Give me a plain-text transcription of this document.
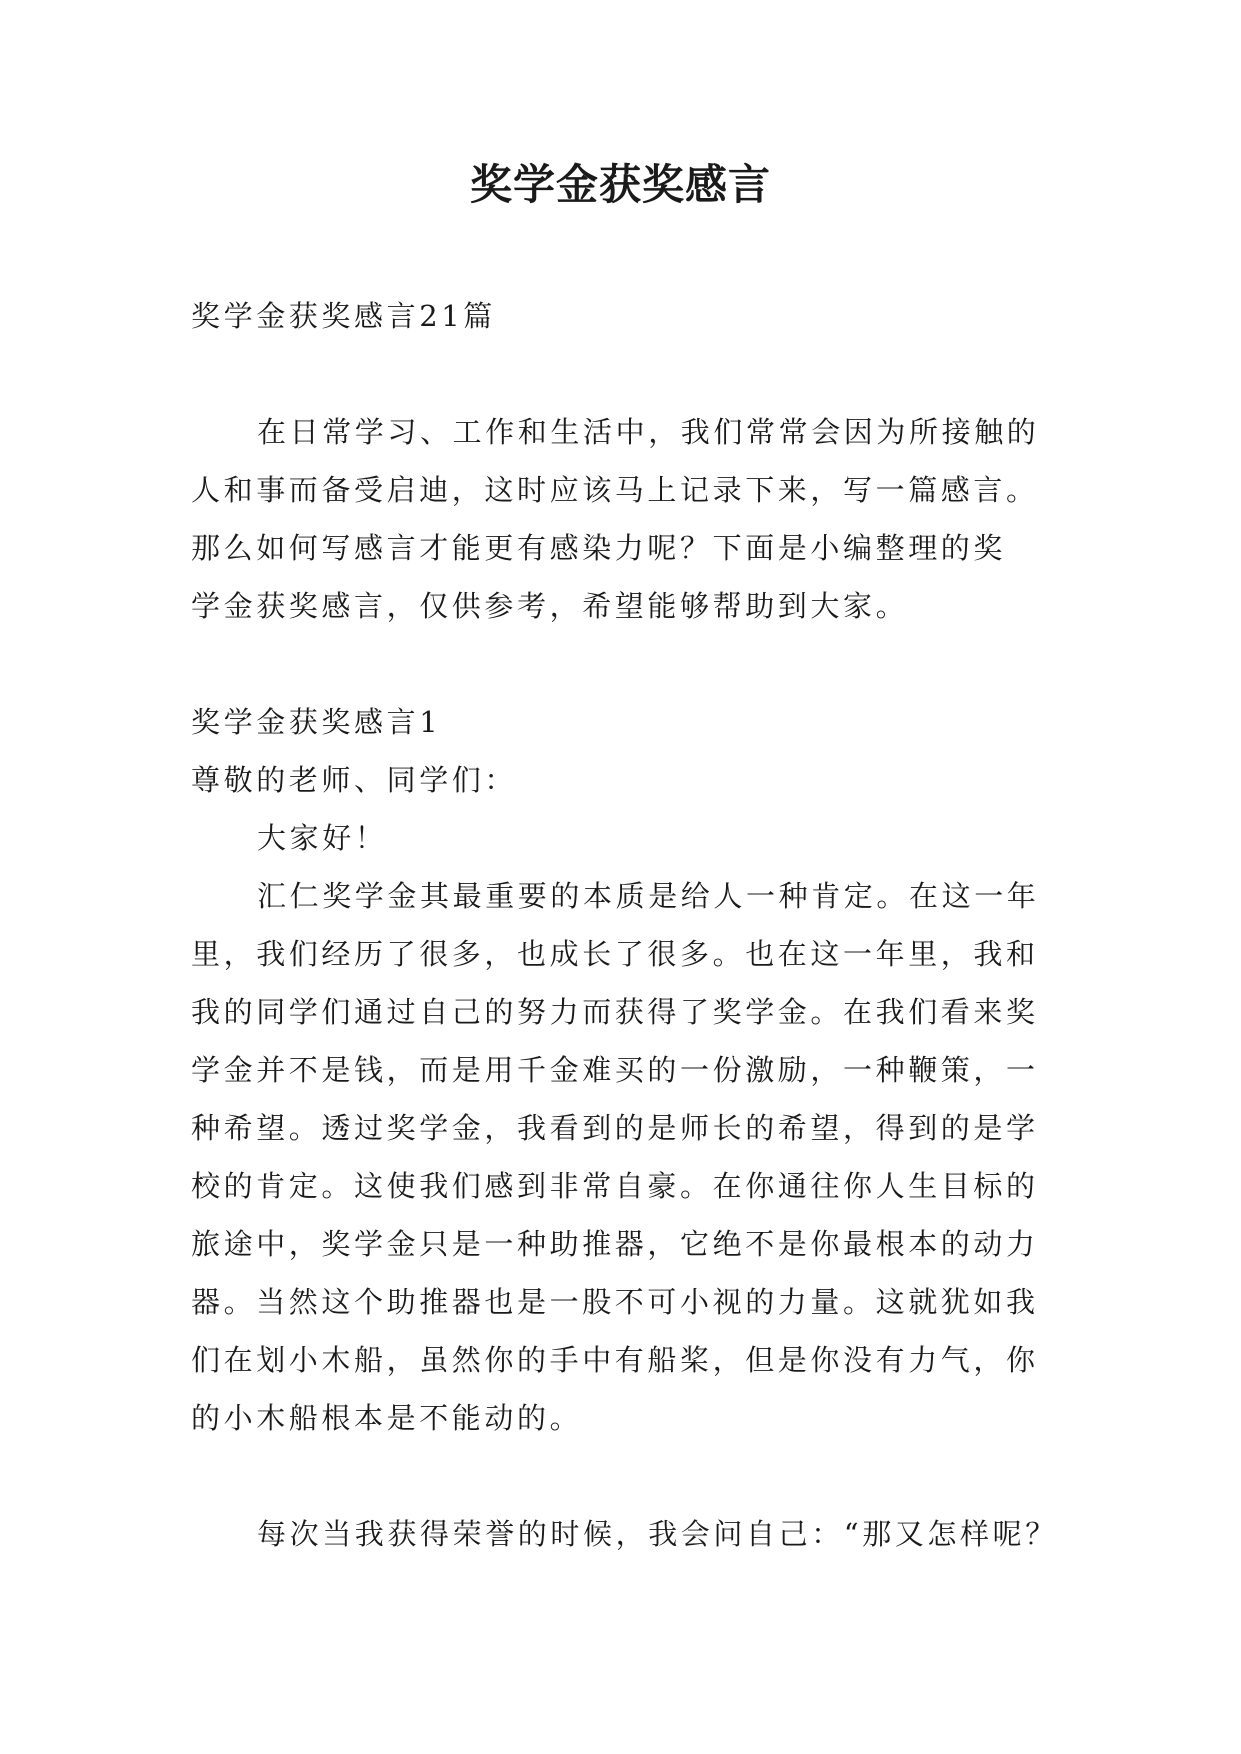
奖学金获奖感言
奖学金获奖感言21篇
在日常学习、工作和生活中，我们常常会因为所接触的
人和事而备受启迪，这时应该马上记录下来，写一篇感言。
那么如何写感言才能更有感染力呢？下面是小编整理的奖
学金获奖感言，仅供参考，希望能够帮助到大家。
奖学金获奖感言1
尊敬的老师、同学们：
大家好！
汇仁奖学金其最重要的本质是给人一种肯定。在这一年
里，我们经历了很多，也成长了很多。也在这一年里，我和
我的同学们通过自己的努力而获得了奖学金。在我们看来奖
学金并不是钱，而是用千金难买的一份激励，一种鞭策，一
种希望。透过奖学金，我看到的是师长的希望，得到的是学
校的肯定。这使我们感到非常自豪。在你通往你人生目标的
旅途中，奖学金只是一种助推器，它绝不是你最根本的动力
器。当然这个助推器也是一股不可小视的力量。这就犹如我
们在划小木船，虽然你的手中有船桨，但是你没有力气，你
的小木船根本是不能动的。
每次当我获得荣誉的时候，我会问自己：“那又怎样呢？
